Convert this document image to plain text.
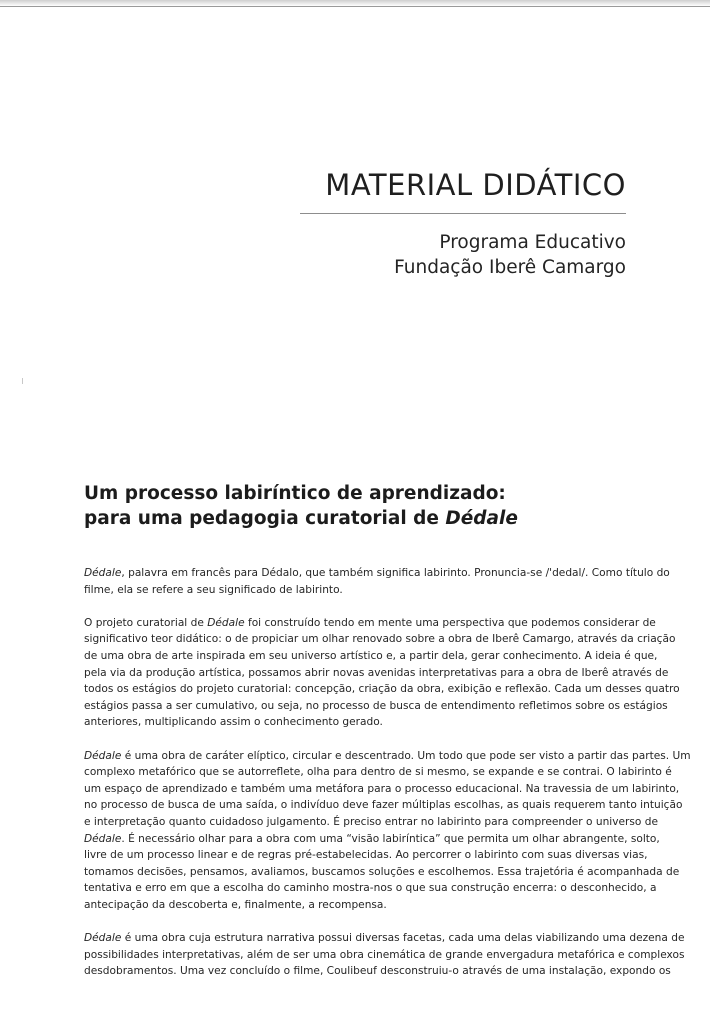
MATERIAL DIDÁTICO
Programa Educativo
Fundação Iberê Camargo
Um processo labiríntico de aprendizado:
para uma pedagogia curatorial de Dédale

Dédale, palavra em francês para Dédalo, que também significa labirinto. Pronuncia-se /'dedal/. Como título do
filme, ela se refere a seu significado de labirinto.

O projeto curatorial de Dédale foi construído tendo em mente uma perspectiva que podemos considerar de
significativo teor didático: o de propiciar um olhar renovado sobre a obra de Iberê Camargo, através da criação
de uma obra de arte inspirada em seu universo artístico e, a partir dela, gerar conhecimento. A ideia é que,
pela via da produção artística, possamos abrir novas avenidas interpretativas para a obra de Iberê através de
todos os estágios do projeto curatorial: concepção, criação da obra, exibição e reflexão. Cada um desses quatro
estágios passa a ser cumulativo, ou seja, no processo de busca de entendimento refletimos sobre os estágios
anteriores, multiplicando assim o conhecimento gerado.

Dédale é uma obra de caráter elíptico, circular e descentrado. Um todo que pode ser visto a partir das partes. Um
complexo metafórico que se autorreflete, olha para dentro de si mesmo, se expande e se contrai. O labirinto é
um espaço de aprendizado e também uma metáfora para o processo educacional. Na travessia de um labirinto,
no processo de busca de uma saída, o indivíduo deve fazer múltiplas escolhas, as quais requerem tanto intuição
e interpretação quanto cuidadoso julgamento. É preciso entrar no labirinto para compreender o universo de
Dédale. É necessário olhar para a obra com uma “visão labiríntica” que permita um olhar abrangente, solto,
livre de um processo linear e de regras pré-estabelecidas. Ao percorrer o labirinto com suas diversas vias,
tomamos decisões, pensamos, avaliamos, buscamos soluções e escolhemos. Essa trajetória é acompanhada de
tentativa e erro em que a escolha do caminho mostra-nos o que sua construção encerra: o desconhecido, a
antecipação da descoberta e, finalmente, a recompensa.

Dédale é uma obra cuja estrutura narrativa possui diversas facetas, cada uma delas viabilizando uma dezena de
possibilidades interpretativas, além de ser uma obra cinemática de grande envergadura metafórica e complexos
desdobramentos. Uma vez concluído o filme, Coulibeuf desconstruiu-o através de uma instalação, expondo os
